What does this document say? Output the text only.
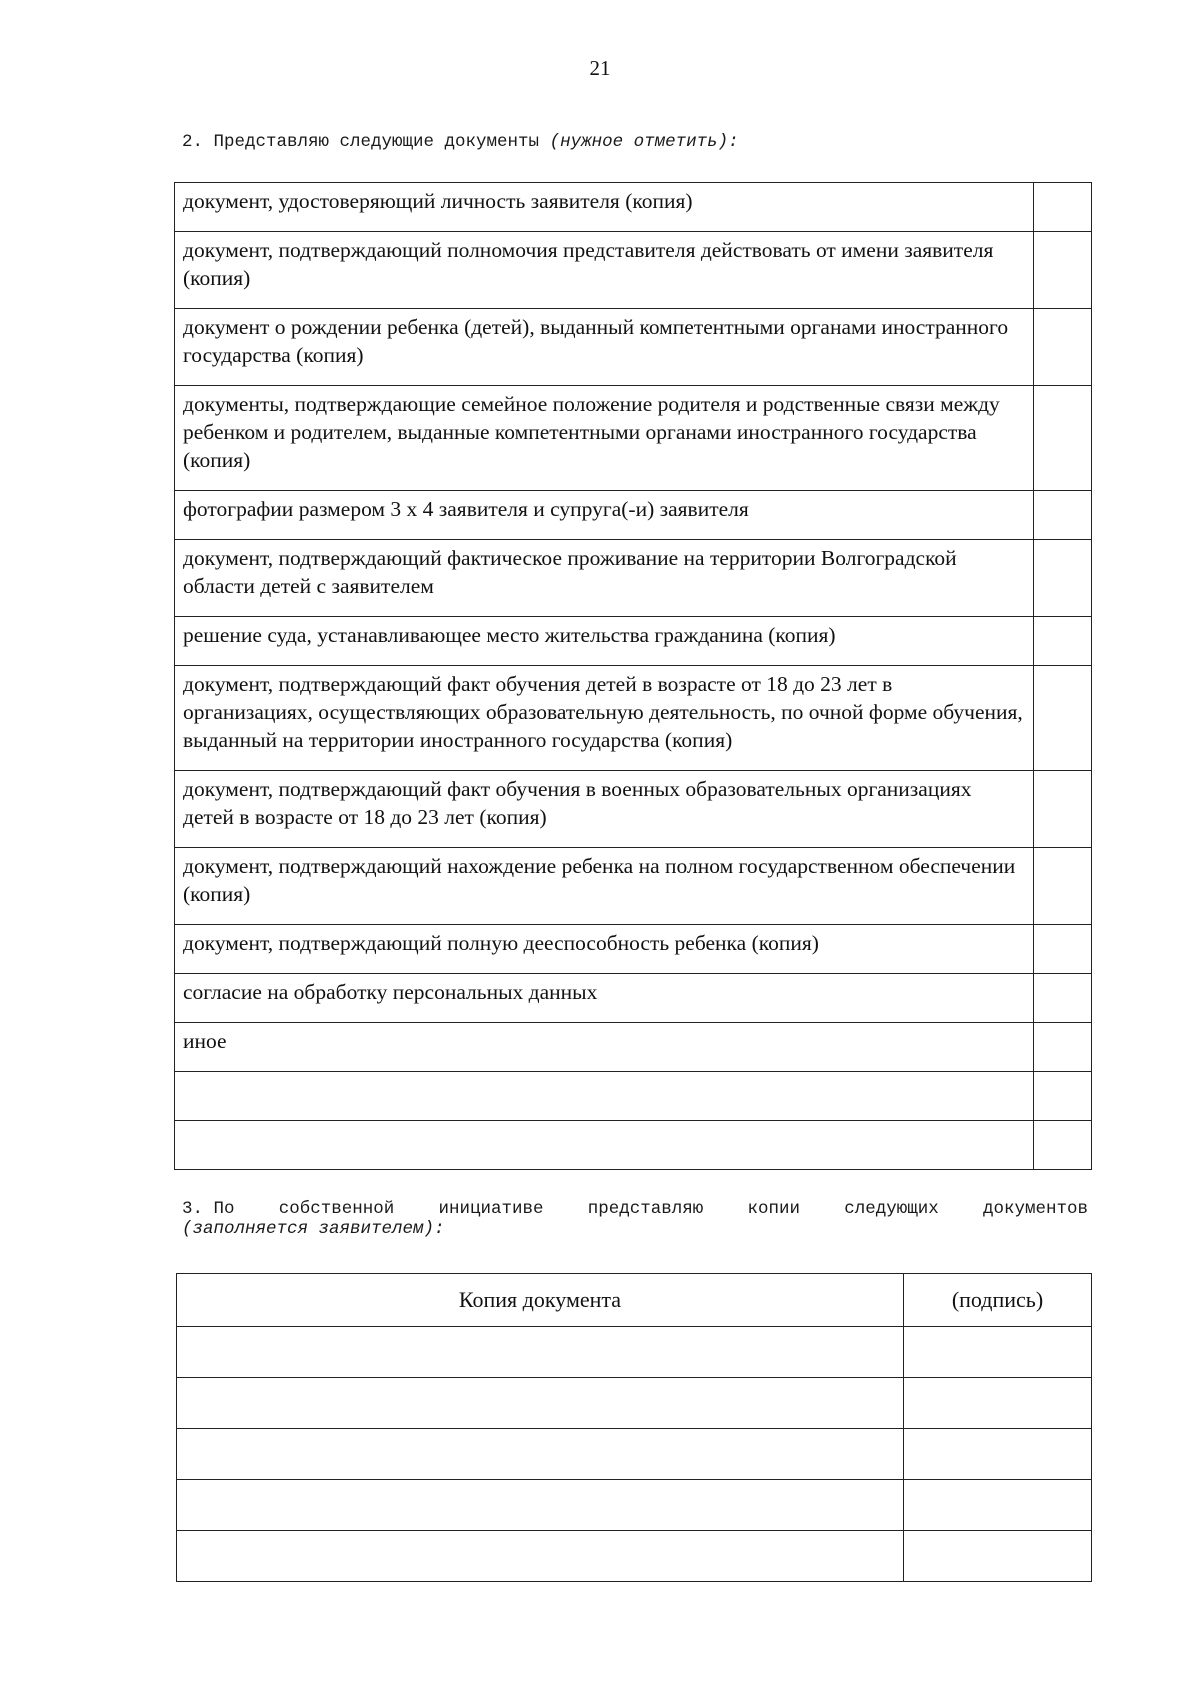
21
2. Представляю следующие документы (нужное отметить):
документ, удостоверяющий личность заявителя (копия)	
документ, подтверждающий полномочия представителя действовать от имени заявителя (копия)	
документ о рождении ребенка (детей), выданный компетентными органами иностранного государства (копия)	
документы, подтверждающие семейное положение родителя и родственные связи между ребенком и родителем, выданные компетентными органами иностранного государства (копия)	
фотографии размером 3 х 4 заявителя и супруга(-и) заявителя	
документ, подтверждающий фактическое проживание на территории Волгоградской области детей с заявителем	
решение суда, устанавливающее место жительства гражданина (копия)	
документ, подтверждающий факт обучения детей в возрасте от 18 до 23 лет в организациях, осуществляющих образовательную деятельность, по очной форме обучения, выданный на территории иностранного государства (копия)	
документ, подтверждающий факт обучения в военных образовательных организациях детей в возрасте от 18 до 23 лет (копия)	
документ, подтверждающий нахождение ребенка на полном государственном обеспечении (копия)	
документ, подтверждающий полную дееспособность ребенка (копия)	
согласие на обработку персональных данных	
иное	

3. По	собственной	инициативе	представляю	копии	следующих	документов
(заполняется заявителем):
Копия документа	(подпись)
